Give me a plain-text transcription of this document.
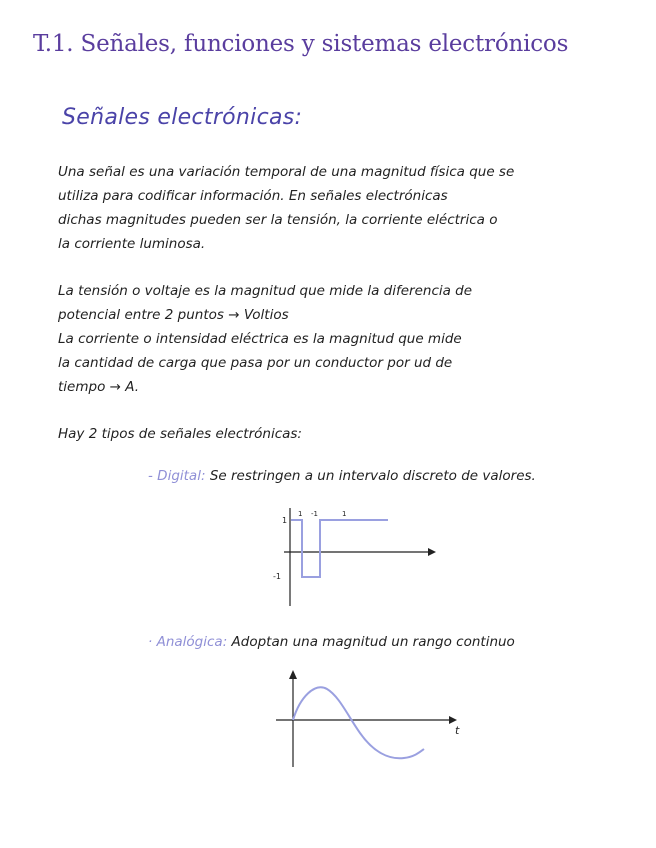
T.1. Señales, funciones y sistemas electrónicos
Señales electrónicas:
Una señal es una variación temporal de una magnitud física que se
utiliza para codificar información. En señales electrónicas
dichas magnitudes pueden ser la tensión, la corriente eléctrica o
la corriente luminosa.
La tensión o voltaje es la magnitud que mide la diferencia de
potencial entre 2 puntos → Voltios
La corriente o intensidad eléctrica es la magnitud que mide
la cantidad de carga que pasa por un conductor por ud de
tiempo → A.
Hay 2 tipos de señales electrónicas:
- Digital: Se restringen a un intervalo discreto de valores.
· Analógica: Adoptan una magnitud un rango continuo
1
-1
1 -1	1
t
